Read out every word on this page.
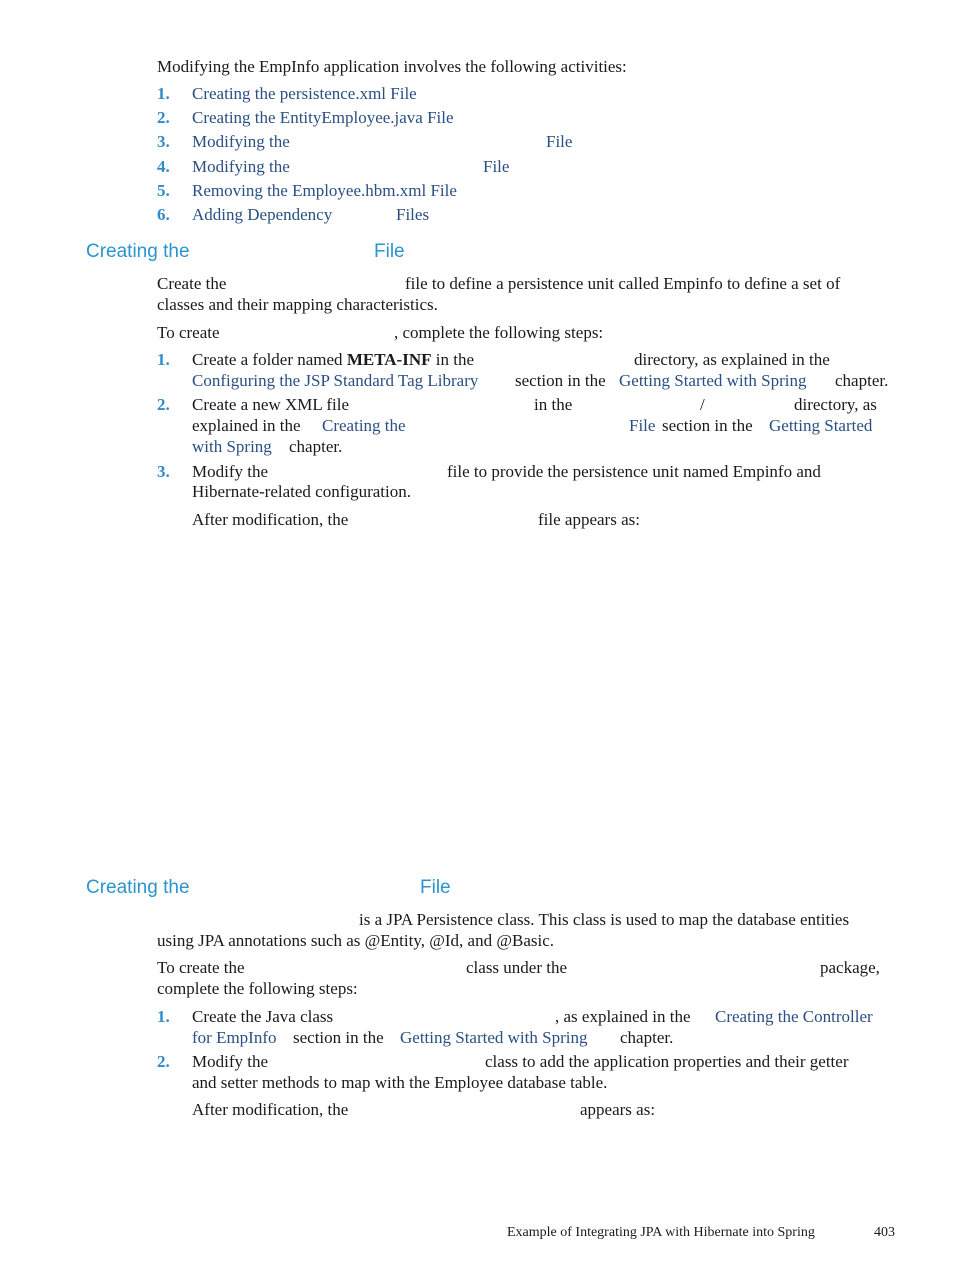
Modifying the EmpInfo application involves the following activities:
1. Creating the persistence.xml File
2. Creating the EntityEmployee.java File
3. Modifying the	File
4. Modifying the	File
5. Removing the Employee.hbm.xml File
6. Adding Dependency	Files
Creating the	File
Create the	file to define a persistence unit called Empinfo to define a set of
classes and their mapping characteristics.
To create	, complete the following steps:
1. Create a folder named META-INF in the	directory, as explained in the
Configuring the JSP Standard Tag Library section in the Getting Started with Spring chapter.
2. Create a new XML file	in the	/	directory, as
explained in the Creating the	File section in the Getting Started
with Spring chapter.
3. Modify the	file to provide the persistence unit named Empinfo and
Hibernate-related configuration.
After modification, the	file appears as:
Creating the	File
is a JPA Persistence class. This class is used to map the database entities
using JPA annotations such as @Entity, @Id, and @Basic.
To create the	class under the	package,
complete the following steps:
1. Create the Java class	, as explained in the Creating the Controller
for EmpInfo section in the Getting Started with Spring chapter.
2. Modify the	class to add the application properties and their getter
and setter methods to map with the Employee database table.
After modification, the	appears as:
Example of Integrating JPA with Hibernate into Spring	403
